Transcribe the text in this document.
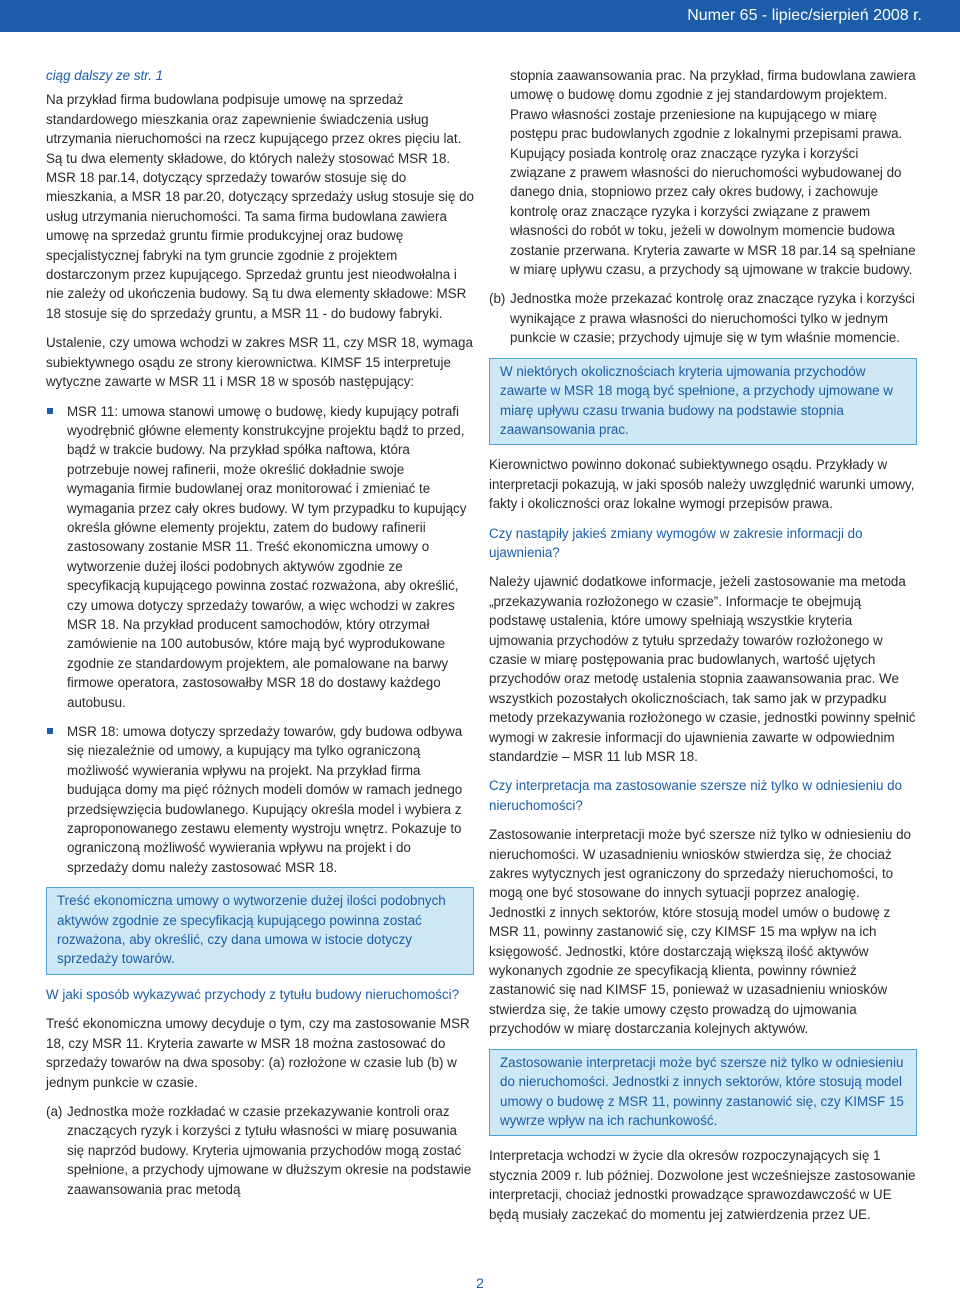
Numer 65 - lipiec/sierpień 2008 r.

ciąg dalszy ze str. 1

Na przykład firma budowlana podpisuje umowę na sprzedaż standardowego mieszkania oraz zapewnienie świadczenia usług utrzymania nieruchomości na rzecz kupującego przez okres pięciu lat. Są tu dwa elementy składowe, do których należy stosować MSR 18. MSR 18 par.14, dotyczący sprzedaży towarów stosuje się do mieszkania, a MSR 18 par.20, dotyczący sprzedaży usług stosuje się do usług utrzymania nieruchomości. Ta sama firma budowlana zawiera umowę na sprzedaż gruntu firmie produkcyjnej oraz budowę specjalistycznej fabryki na tym gruncie zgodnie z projektem dostarczonym przez kupującego. Sprzedaż gruntu jest nieodwołalna i nie zależy od ukończenia budowy. Są tu dwa elementy składowe: MSR 18 stosuje się do sprzedaży gruntu, a MSR 11 - do budowy fabryki.

Ustalenie, czy umowa wchodzi w zakres MSR 11, czy MSR 18, wymaga subiektywnego osądu ze strony kierownictwa. KIMSF 15 interpretuje wytyczne zawarte w MSR 11 i MSR 18 w sposób następujący:

MSR 11: umowa stanowi umowę o budowę, kiedy kupujący potrafi wyodrębnić główne elementy konstrukcyjne projektu bądź to przed, bądź w trakcie budowy. Na przykład spółka naftowa, która potrzebuje nowej rafinerii, może określić dokładnie swoje wymagania firmie budowlanej oraz monitorować i zmieniać te wymagania przez cały okres budowy. W tym przypadku to kupujący określa główne elementy projektu, zatem do budowy rafinerii zastosowany zostanie MSR 11. Treść ekonomiczna umowy o wytworzenie dużej ilości podobnych aktywów zgodnie ze specyfikacją kupującego powinna zostać rozważona, aby określić, czy umowa dotyczy sprzedaży towarów, a więc wchodzi w zakres MSR 18. Na przykład producent samochodów, który otrzymał zamówienie na 100 autobusów, które mają być wyprodukowane zgodnie ze standardowym projektem, ale pomalowane na barwy firmowe operatora, zastosowałby MSR 18 do dostawy każdego autobusu.
MSR 18: umowa dotyczy sprzedaży towarów, gdy budowa odbywa się niezależnie od umowy, a kupujący ma tylko ograniczoną możliwość wywierania wpływu na projekt. Na przykład firma budująca domy ma pięć różnych modeli domów w ramach jednego przedsięwzięcia budowlanego. Kupujący określa model i wybiera z zaproponowanego zestawu elementy wystroju wnętrz. Pokazuje to ograniczoną możliwość wywierania wpływu na projekt i do sprzedaży domu należy zastosować MSR 18.
Treść ekonomiczna umowy o wytworzenie dużej ilości podobnych aktywów zgodnie ze specyfikacją kupującego powinna zostać rozważona, aby określić, czy dana umowa w istocie dotyczy sprzedaży towarów.

W jaki sposób wykazywać przychody z tytułu budowy nieruchomości?

Treść ekonomiczna umowy decyduje o tym, czy ma zastosowanie MSR 18, czy MSR 11. Kryteria zawarte w MSR 18 można zastosować do sprzedaży towarów na dwa sposoby: (a) rozłożone w czasie lub (b) w jednym punkcie w czasie.

(a) Jednostka może rozkładać w czasie przekazywanie kontroli oraz znaczących ryzyk i korzyści z tytułu własności w miarę posuwania się naprzód budowy. Kryteria ujmowania przychodów mogą zostać spełnione, a przychody ujmowane w dłuższym okresie na podstawie zaawansowania prac metodą
stopnia zaawansowania prac. Na przykład, firma budowlana zawiera umowę o budowę domu zgodnie z jej standardowym projektem. Prawo własności zostaje przeniesione na kupującego w miarę postępu prac budowlanych zgodnie z lokalnymi przepisami prawa. Kupujący posiada kontrolę oraz znaczące ryzyka i korzyści związane z prawem własności do nieruchomości wybudowanej do danego dnia, stopniowo przez cały okres budowy, i zachowuje kontrolę oraz znaczące ryzyka i korzyści związane z prawem własności do robót w toku, jeżeli w dowolnym momencie budowa zostanie przerwana. Kryteria zawarte w MSR 18 par.14 są spełniane w miarę upływu czasu, a przychody są ujmowane w trakcie budowy.
(b) Jednostka może przekazać kontrolę oraz znaczące ryzyka i korzyści wynikające z prawa własności do nieruchomości tylko w jednym punkcie w czasie; przychody ujmuje się w tym właśnie momencie.
W niektórych okolicznościach kryteria ujmowania przychodów zawarte w MSR 18 mogą być spełnione, a przychody ujmowane w miarę upływu czasu trwania budowy na podstawie stopnia zaawansowania prac.

Kierownictwo powinno dokonać subiektywnego osądu. Przykłady w interpretacji pokazują, w jaki sposób należy uwzględnić warunki umowy, fakty i okoliczności oraz lokalne wymogi przepisów prawa.

Czy nastąpiły jakieś zmiany wymogów w zakresie informacji do ujawnienia?

Należy ujawnić dodatkowe informacje, jeżeli zastosowanie ma metoda „przekazywania rozłożonego w czasie”. Informacje te obejmują podstawę ustalenia, które umowy spełniają wszystkie kryteria ujmowania przychodów z tytułu sprzedaży towarów rozłożonego w czasie w miarę postępowania prac budowlanych, wartość ujętych przychodów oraz metodę ustalenia stopnia zaawansowania prac. We wszystkich pozostałych okolicznościach, tak samo jak w przypadku metody przekazywania rozłożonego w czasie, jednostki powinny spełnić wymogi w zakresie informacji do ujawnienia zawarte w odpowiednim standardzie – MSR 11 lub MSR 18.

Czy interpretacja ma zastosowanie szersze niż tylko w odniesieniu do nieruchomości?

Zastosowanie interpretacji może być szersze niż tylko w odniesieniu do nieruchomości. W uzasadnieniu wniosków stwierdza się, że chociaż zakres wytycznych jest ograniczony do sprzedaży nieruchomości, to mogą one być stosowane do innych sytuacji poprzez analogię. Jednostki z innych sektorów, które stosują model umów o budowę z MSR 11, powinny zastanowić się, czy KIMSF 15 ma wpływ na ich księgowość. Jednostki, które dostarczają większą ilość aktywów wykonanych zgodnie ze specyfikacją klienta, powinny również zastanowić się nad KIMSF 15, ponieważ w uzasadnieniu wniosków stwierdza się, że takie umowy często prowadzą do ujmowania przychodów w miarę dostarczania kolejnych aktywów.

Zastosowanie interpretacji może być szersze niż tylko w odniesieniu do nieruchomości. Jednostki z innych sektorów, które stosują model umowy o budowę z MSR 11, powinny zastanowić się, czy KIMSF 15 wywrze wpływ na ich rachunkowość.

Interpretacja wchodzi w życie dla okresów rozpoczynających się 1 stycznia 2009 r. lub później. Dozwolone jest wcześniejsze zastosowanie interpretacji, chociaż jednostki prowadzące sprawozdawczość w UE będą musiały zaczekać do momentu jej zatwierdzenia przez UE.

2
